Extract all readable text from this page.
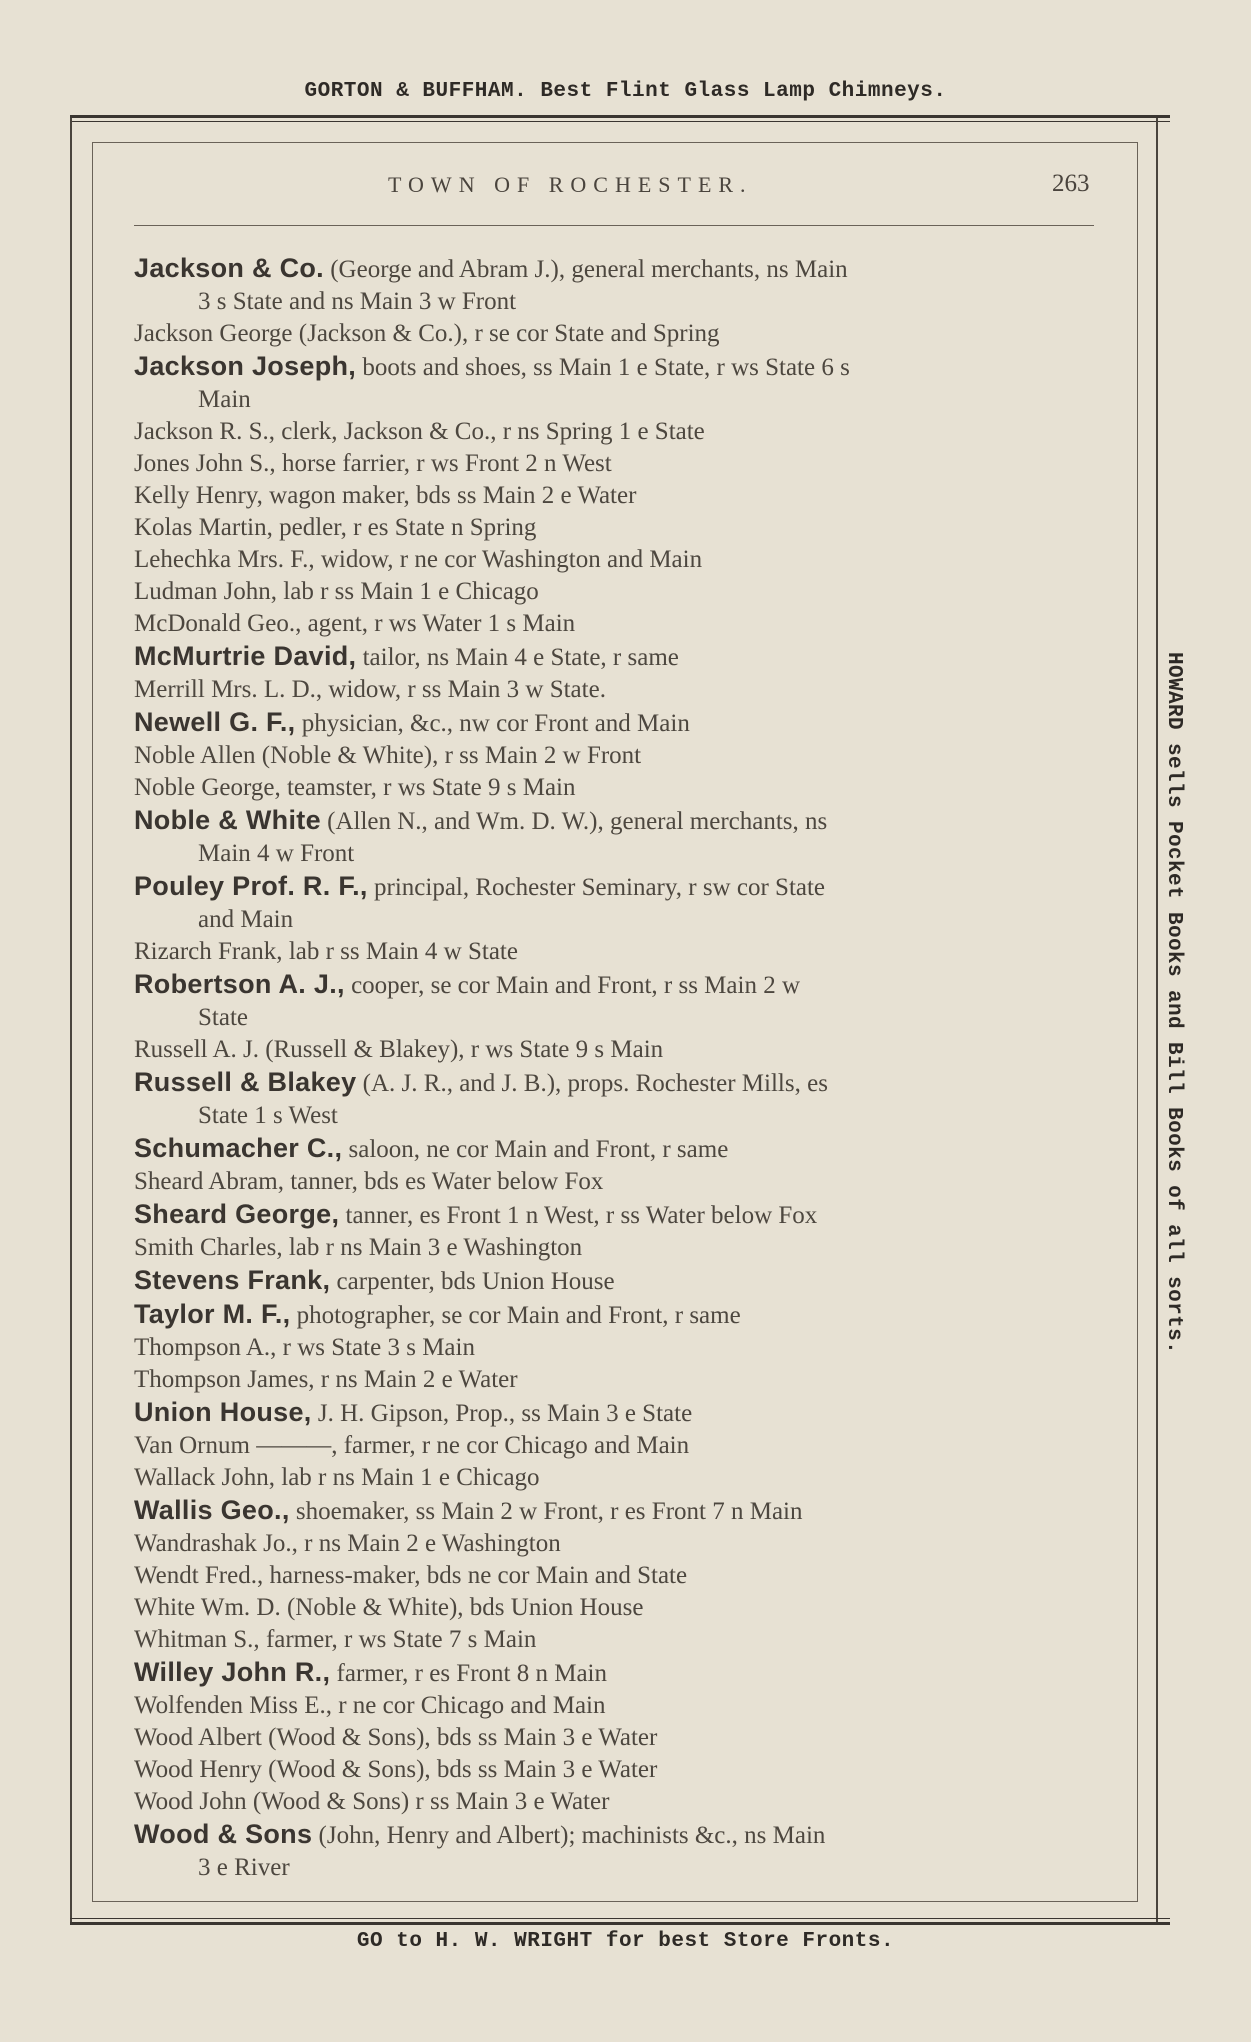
GORTON & BUFFHAM. Best Flint Glass Lamp Chimneys.
TOWN OF ROCHESTER.	263
Jackson & Co. (George and Abram J.), general merchants, ns Main
3 s State and ns Main 3 w Front
Jackson George (Jackson & Co.), r se cor State and Spring
Jackson Joseph, boots and shoes, ss Main 1 e State, r ws State 6 s
Main
Jackson R. S., clerk, Jackson & Co., r ns Spring 1 e State
Jones John S., horse farrier, r ws Front 2 n West
Kelly Henry, wagon maker, bds ss Main 2 e Water
Kolas Martin, pedler, r es State n Spring
Lehechka Mrs. F., widow, r ne cor Washington and Main
Ludman John, lab r ss Main 1 e Chicago
McDonald Geo., agent, r ws Water 1 s Main
McMurtrie David, tailor, ns Main 4 e State, r same
Merrill Mrs. L. D., widow, r ss Main 3 w State.
Newell G. F., physician, &c., nw cor Front and Main
Noble Allen (Noble & White), r ss Main 2 w Front
Noble George, teamster, r ws State 9 s Main
Noble & White (Allen N., and Wm. D. W.), general merchants, ns
Main 4 w Front
Pouley Prof. R. F., principal, Rochester Seminary, r sw cor State
and Main
Rizarch Frank, lab r ss Main 4 w State
Robertson A. J., cooper, se cor Main and Front, r ss Main 2 w
State
Russell A. J. (Russell & Blakey), r ws State 9 s Main
Russell & Blakey (A. J. R., and J. B.), props. Rochester Mills, es
State 1 s West
Schumacher C., saloon, ne cor Main and Front, r same
Sheard Abram, tanner, bds es Water below Fox
Sheard George, tanner, es Front 1 n West, r ss Water below Fox
Smith Charles, lab r ns Main 3 e Washington
Stevens Frank, carpenter, bds Union House
Taylor M. F., photographer, se cor Main and Front, r same
Thompson A., r ws State 3 s Main
Thompson James, r ns Main 2 e Water
Union House, J. H. Gipson, Prop., ss Main 3 e State
Van Ornum ———, farmer, r ne cor Chicago and Main
Wallack John, lab r ns Main 1 e Chicago
Wallis Geo., shoemaker, ss Main 2 w Front, r es Front 7 n Main
Wandrashak Jo., r ns Main 2 e Washington
Wendt Fred., harness-maker, bds ne cor Main and State
White Wm. D. (Noble & White), bds Union House
Whitman S., farmer, r ws State 7 s Main
Willey John R., farmer, r es Front 8 n Main
Wolfenden Miss E., r ne cor Chicago and Main
Wood Albert (Wood & Sons), bds ss Main 3 e Water
Wood Henry (Wood & Sons), bds ss Main 3 e Water
Wood John (Wood & Sons) r ss Main 3 e Water
Wood & Sons (John, Henry and Albert); machinists &c., ns Main
3 e River
HOWARD sells Pocket Books and Bill Books of all sorts.
GO to H. W. WRIGHT for best Store Fronts.
